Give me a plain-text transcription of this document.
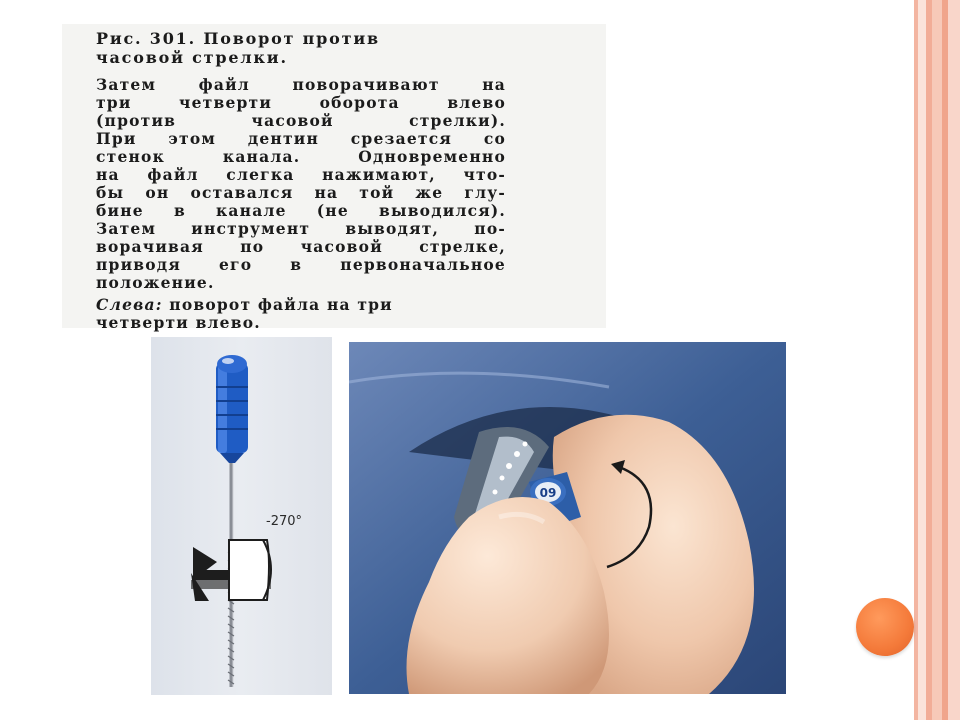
Рис. 301. Поворот против
часовой стрелки.
Затем файл поворачивают на
три четверти оборота влево
(против часовой стрелки).
При этом дентин срезается со
стенок канала. Одновременно
на файл слегка нажимают, что-
бы он оставался на той же глу-
бине в канале (не выводился).
Затем инструмент выводят, по-
ворачивая по часовой стрелке,
приводя его в первоначальное
положение.
Слева: поворот файла на три
четверти влево.
-270°
09
